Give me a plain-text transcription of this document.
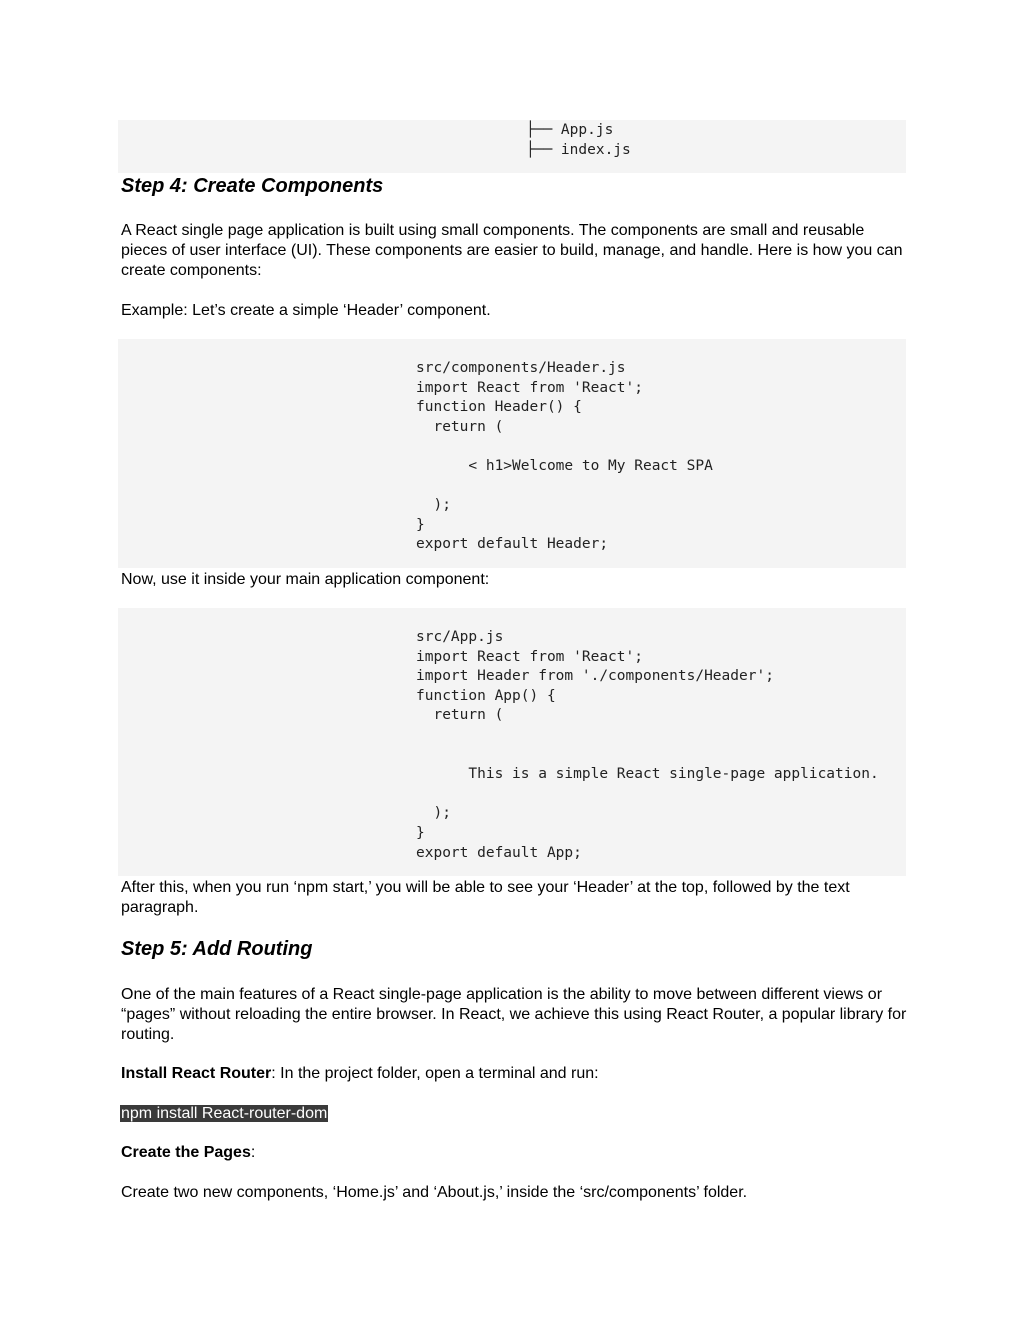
├── App.js
├── index.js
Step 4: Create Components

A React single page application is built using small components. The components are small and reusable pieces of user interface (UI). These components are easier to build, manage, and handle. Here is how you can create components:

Example: Let’s create a simple ‘Header’ component.

src/components/Header.js
import React from 'React';
function Header() {
return (

< h1>Welcome to My React SPA

);
}
export default Header;

Now, use it inside your main application component:

src/App.js
import React from 'React';
import Header from './components/Header';
function App() {
return (

This is a simple React single-page application.

);
}
export default App;

After this, when you run ‘npm start,’ you will be able to see your ‘Header’ at the top, followed by the text paragraph.

Step 5: Add Routing

One of the main features of a React single-page application is the ability to move between different views or “pages” without reloading the entire browser. In React, we achieve this using React Router, a popular library for routing.

Install React Router: In the project folder, open a terminal and run:

npm install React-router-dom

Create the Pages:

Create two new components, ‘Home.js’ and ‘About.js,’ inside the ‘src/components’ folder.
